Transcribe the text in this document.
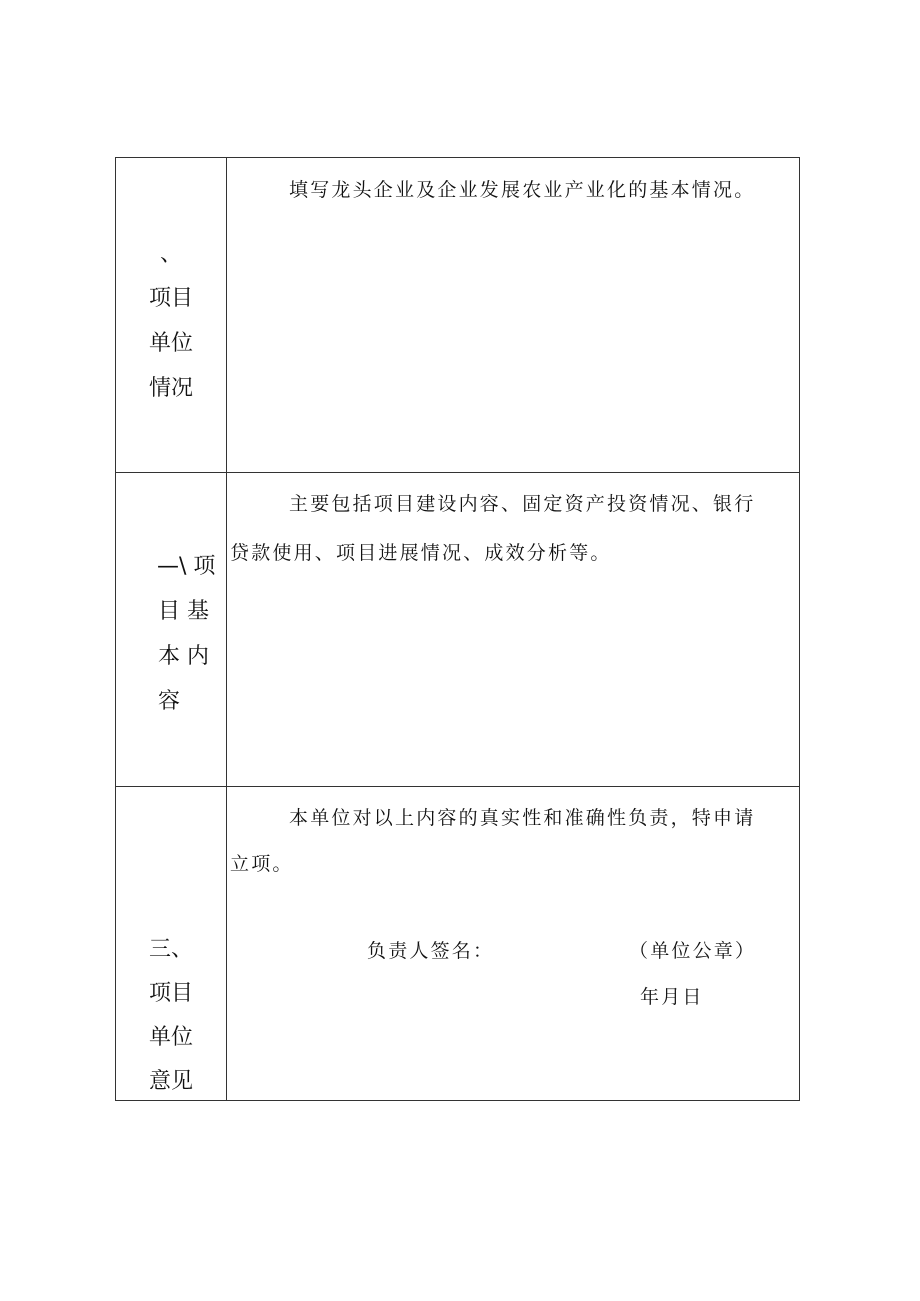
、
项目
单位
情况
填写龙头企业及企业发展农业产业化的基本情况。
—\ 项
目 基
本 内
容
主要包括项目建设内容、固定资产投资情况、银行
贷款使用、项目进展情况、成效分析等。
三、
项目
单位
意见
本单位对以上内容的真实性和准确性负责，特申请
立项。
负责人签名：	（单位公章）
年月日
